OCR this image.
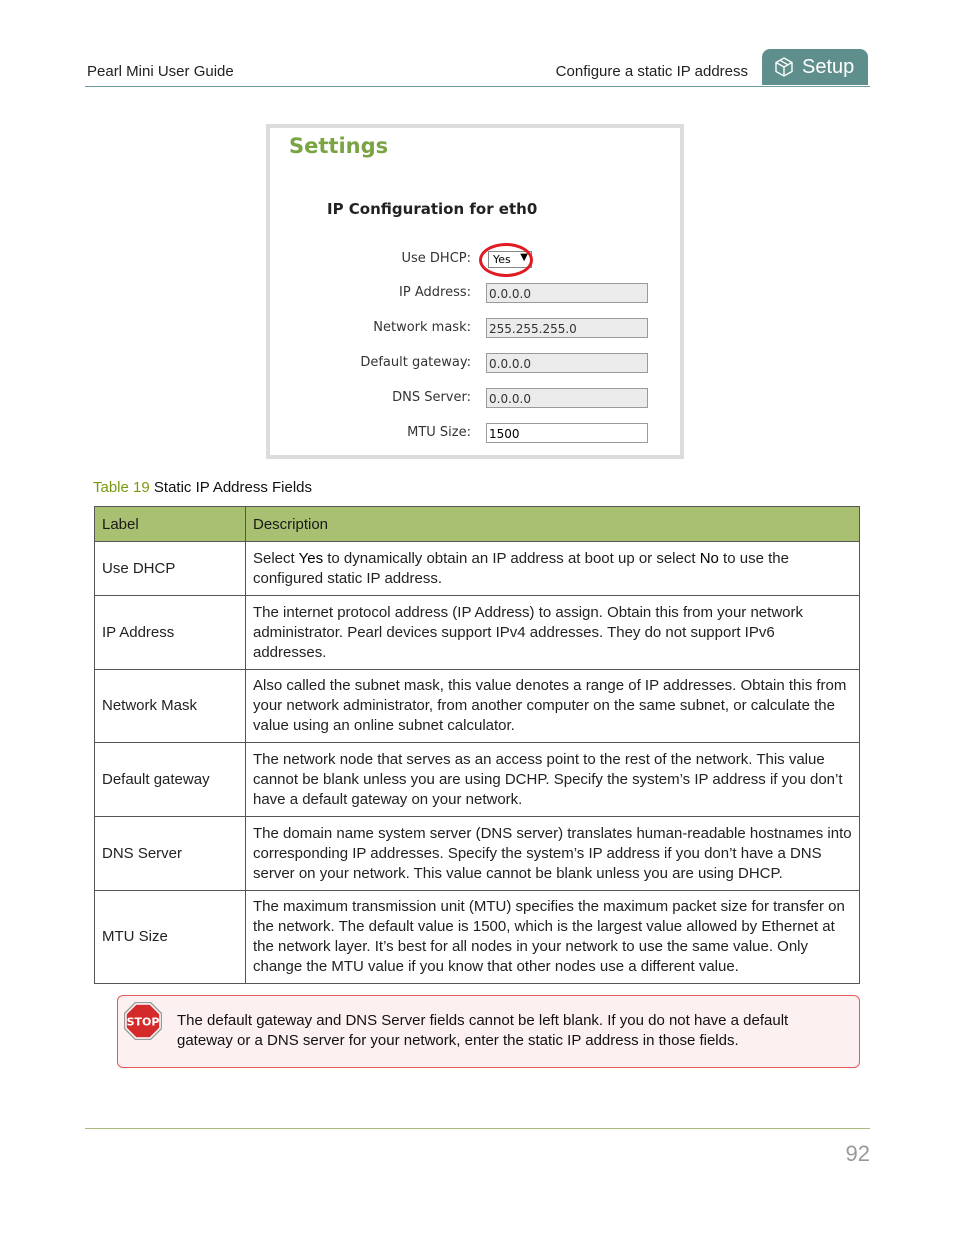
Pearl Mini User Guide	Configure a static IP address	Setup
Settings
IP Configuration for eth0
Use DHCP:	Yes ▼
IP Address: 0.0.0.0
Network mask: 255.255.255.0
Default gateway: 0.0.0.0
DNS Server: 0.0.0.0
MTU Size: 1500
Table 19 Static IP Address Fields
Label	Description
Use DHCP	Select Yes to dynamically obtain an IP address at boot up or select No to use the configured static IP address.
IP Address	The internet protocol address (IP Address) to assign. Obtain this from your network administrator. Pearl devices support IPv4 addresses. They do not support IPv6 addresses.
Network Mask	Also called the subnet mask, this value denotes a range of IP addresses. Obtain this from your network administrator, from another computer on the same subnet, or calculate the value using an online subnet calculator.
Default gateway	The network node that serves as an access point to the rest of the network. This value cannot be blank unless you are using DCHP. Specify the system’s IP address if you don’t have a default gateway on your network.
DNS Server	The domain name system server (DNS server) translates human-readable hostnames into corresponding IP addresses. Specify the system’s IP address if you don’t have a DNS server on your network. This value cannot be blank unless you are using DHCP.
MTU Size	The maximum transmission unit (MTU) specifies the maximum packet size for transfer on the network. The default value is 1500, which is the largest value allowed by Ethernet at the network layer. It’s best for all nodes in your network to use the same value. Only change the MTU value if you know that other nodes use a different value.
STOP The default gateway and DNS Server fields cannot be left blank. If you do not have a default gateway or a DNS server for your network, enter the static IP address in those fields.
92
